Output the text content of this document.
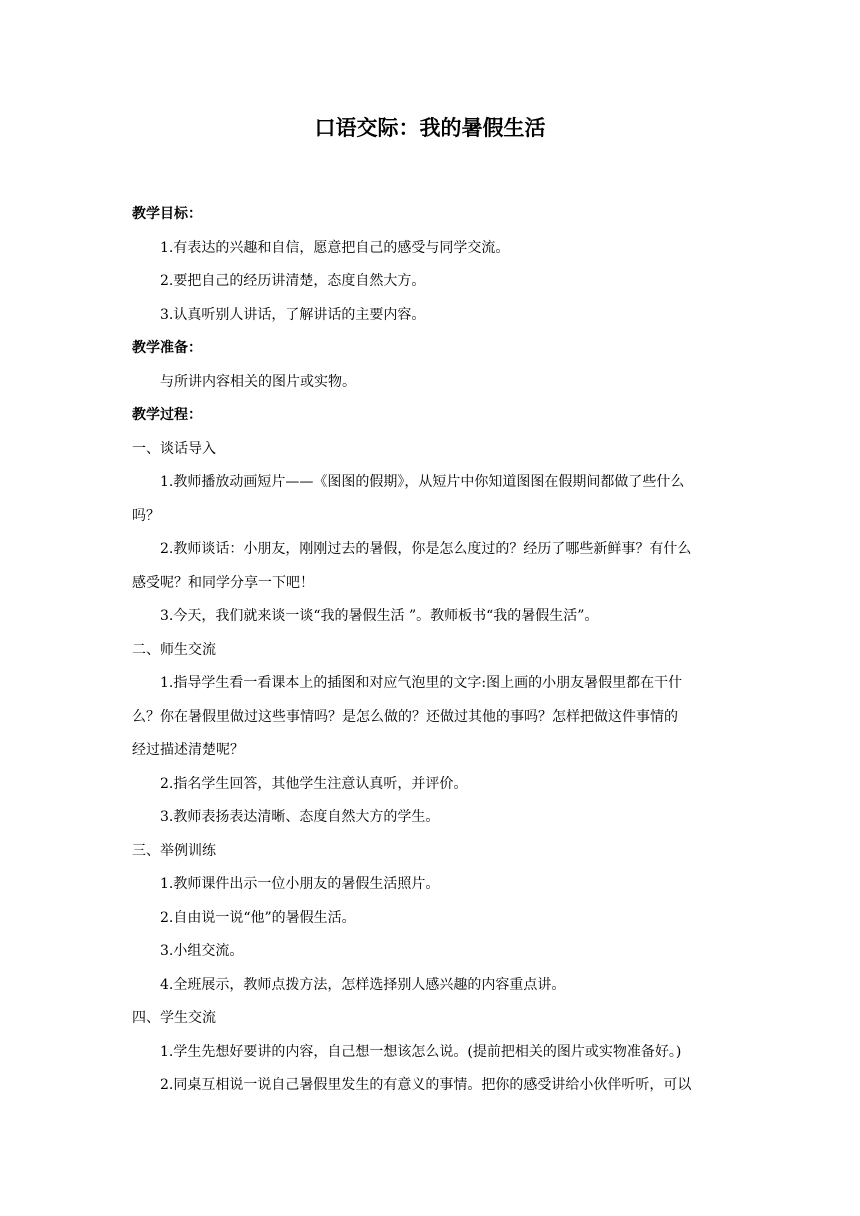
口语交际：我的暑假生活
教学目标：
1.有表达的兴趣和自信，愿意把自己的感受与同学交流。
2.要把自己的经历讲清楚，态度自然大方。
3.认真听别人讲话，了解讲话的主要内容。
教学准备：
与所讲内容相关的图片或实物。
教学过程：
一、谈话导入
1.教师播放动画短片——《图图的假期》，从短片中你知道图图在假期间都做了些什么
吗？
2.教师谈话：小朋友，刚刚过去的暑假，你是怎么度过的？经历了哪些新鲜事？有什么
感受呢？和同学分享一下吧！
3.今天，我们就来谈一谈“我的暑假生活 ”。教师板书“我的暑假生活”。
二、师生交流
1.指导学生看一看课本上的插图和对应气泡里的文字:图上画的小朋友暑假里都在干什
么？你在暑假里做过这些事情吗？是怎么做的？还做过其他的事吗？怎样把做这件事情的
经过描述清楚呢？
2.指名学生回答，其他学生注意认真听，并评价。
3.教师表扬表达清晰、态度自然大方的学生。
三、举例训练
1.教师课件出示一位小朋友的暑假生活照片。
2.自由说一说“他”的暑假生活。
3.小组交流。
4.全班展示，教师点拨方法，怎样选择别人感兴趣的内容重点讲。
四、学生交流
1.学生先想好要讲的内容，自己想一想该怎么说。(提前把相关的图片或实物准备好。)
2.同桌互相说一说自己暑假里发生的有意义的事情。把你的感受讲给小伙伴听听，可以
